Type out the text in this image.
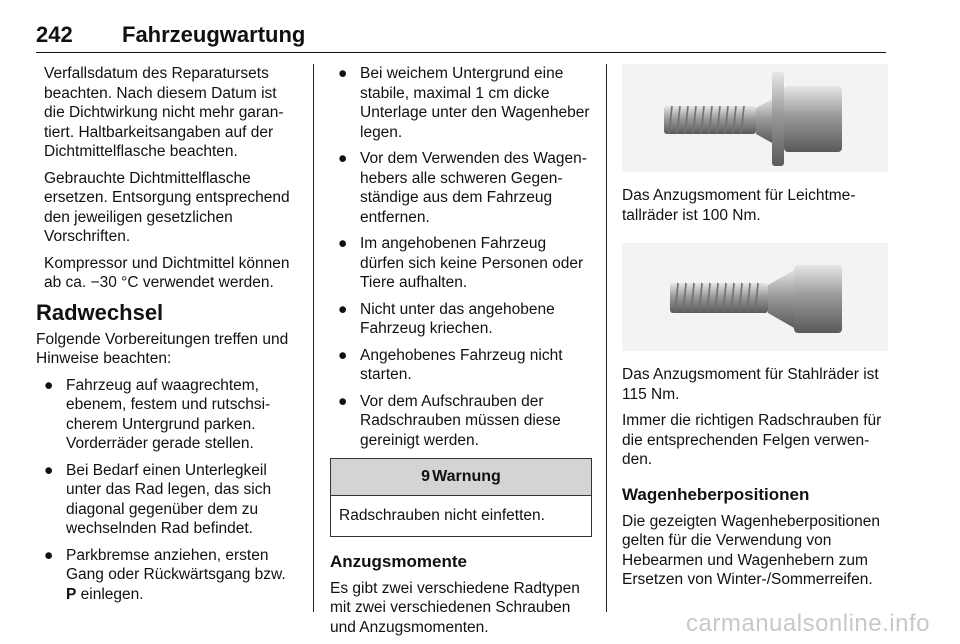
242 Fahrzeugwartung

Verfallsdatum des Reparatursets beachten. Nach diesem Datum ist die Dichtwirkung nicht mehr garantiert. Haltbarkeitsangaben auf der Dichtmittelflasche beachten.

Gebrauchte Dichtmittelflasche ersetzen. Entsorgung entsprechend den jeweiligen gesetzlichen Vorschriften.

Kompressor und Dichtmittel können ab ca. −30 °C verwendet werden.

Radwechsel

Folgende Vorbereitungen treffen und Hinweise beachten:

● Fahrzeug auf waagrechtem, ebenem, festem und rutschsicherem Untergrund parken. Vorderräder gerade stellen.
● Bei Bedarf einen Unterlegkeil unter das Rad legen, das sich diagonal gegenüber dem zu wechselnden Rad befindet.
● Parkbremse anziehen, ersten Gang oder Rückwärtsgang bzw.
P einlegen.
● Bei weichem Untergrund eine stabile, maximal 1 cm dicke Unterlage unter den Wagenheber legen.
● Vor dem Verwenden des Wagenhebers alle schweren Gegenständige aus dem Fahrzeug entfernen.
● Im angehobenen Fahrzeug dürfen sich keine Personen oder Tiere aufhalten.
● Nicht unter das angehobene Fahrzeug kriechen.
● Angehobenes Fahrzeug nicht starten.
● Vor dem Aufschrauben der Radschrauben müssen diese gereinigt werden.
9 Warnung
Radschrauben nicht einfetten.
Anzugsmomente

Es gibt zwei verschiedene Radtypen mit zwei verschiedenen Schrauben und Anzugsmomenten.

Das Anzugsmoment für Leichtmetallräder ist 100 Nm.

Das Anzugsmoment für Stahlräder ist 115 Nm.

Immer die richtigen Radschrauben für die entsprechenden Felgen verwenden.

Wagenheberpositionen

Die gezeigten Wagenheberpositionen gelten für die Verwendung von Hebearmen und Wagenhebern zum Ersetzen von Winter-/Sommerreifen.

carmanualsonline.info
